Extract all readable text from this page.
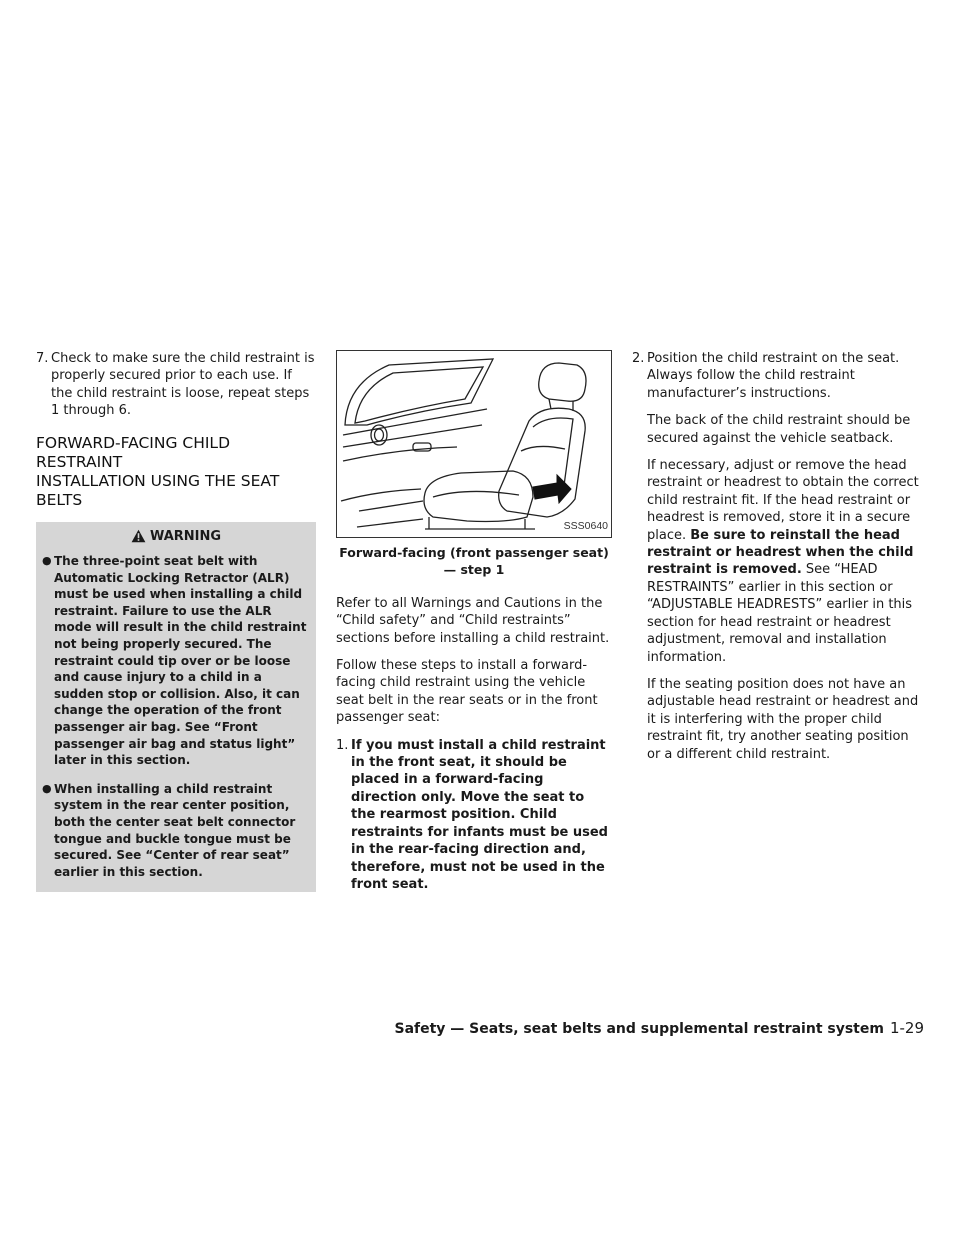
7. Check to make sure the child restraint is properly secured prior to each use. If the child restraint is loose, repeat steps 1 through 6.
FORWARD-FACING CHILD RESTRAINT
INSTALLATION USING THE SEAT BELTS
WARNING
● The three-point seat belt with Automatic Locking Retractor (ALR) must be used when installing a child restraint. Failure to use the ALR mode will result in the child restraint not being properly secured. The restraint could tip over or be loose and cause injury to a child in a sudden stop or collision. Also, it can change the operation of the front passenger air bag. See “Front passenger air bag and status light” later in this section.
● When installing a child restraint system in the rear center position, both the center seat belt connector tongue and buckle tongue must be secured. See “Center of rear seat” earlier in this section.
SSS0640
Forward-facing (front passenger seat) — step 1

Refer to all Warnings and Cautions in the “Child safety” and “Child restraints” sections before installing a child restraint.

Follow these steps to install a forward-facing child restraint using the vehicle seat belt in the rear seats or in the front passenger seat:

1. If you must install a child restraint in the front seat, it should be placed in a forward-facing direction only. Move the seat to the rearmost position. Child restraints for infants must be used in the rear-facing direction and, therefore, must not be used in the front seat.
2. Position the child restraint on the seat. Always follow the child restraint manufacturer’s instructions.

The back of the child restraint should be secured against the vehicle seatback.

If necessary, adjust or remove the head restraint or headrest to obtain the correct child restraint fit. If the head restraint or headrest is removed, store it in a secure place. Be sure to reinstall the head restraint or headrest when the child restraint is removed. See “HEAD RESTRAINTS” earlier in this section or “ADJUSTABLE HEADRESTS” earlier in this section for head restraint or headrest adjustment, removal and installation information.

If the seating position does not have an adjustable head restraint or headrest and it is interfering with the proper child restraint fit, try another seating position or a different child restraint.

Safety — Seats, seat belts and supplemental restraint system 1-29
